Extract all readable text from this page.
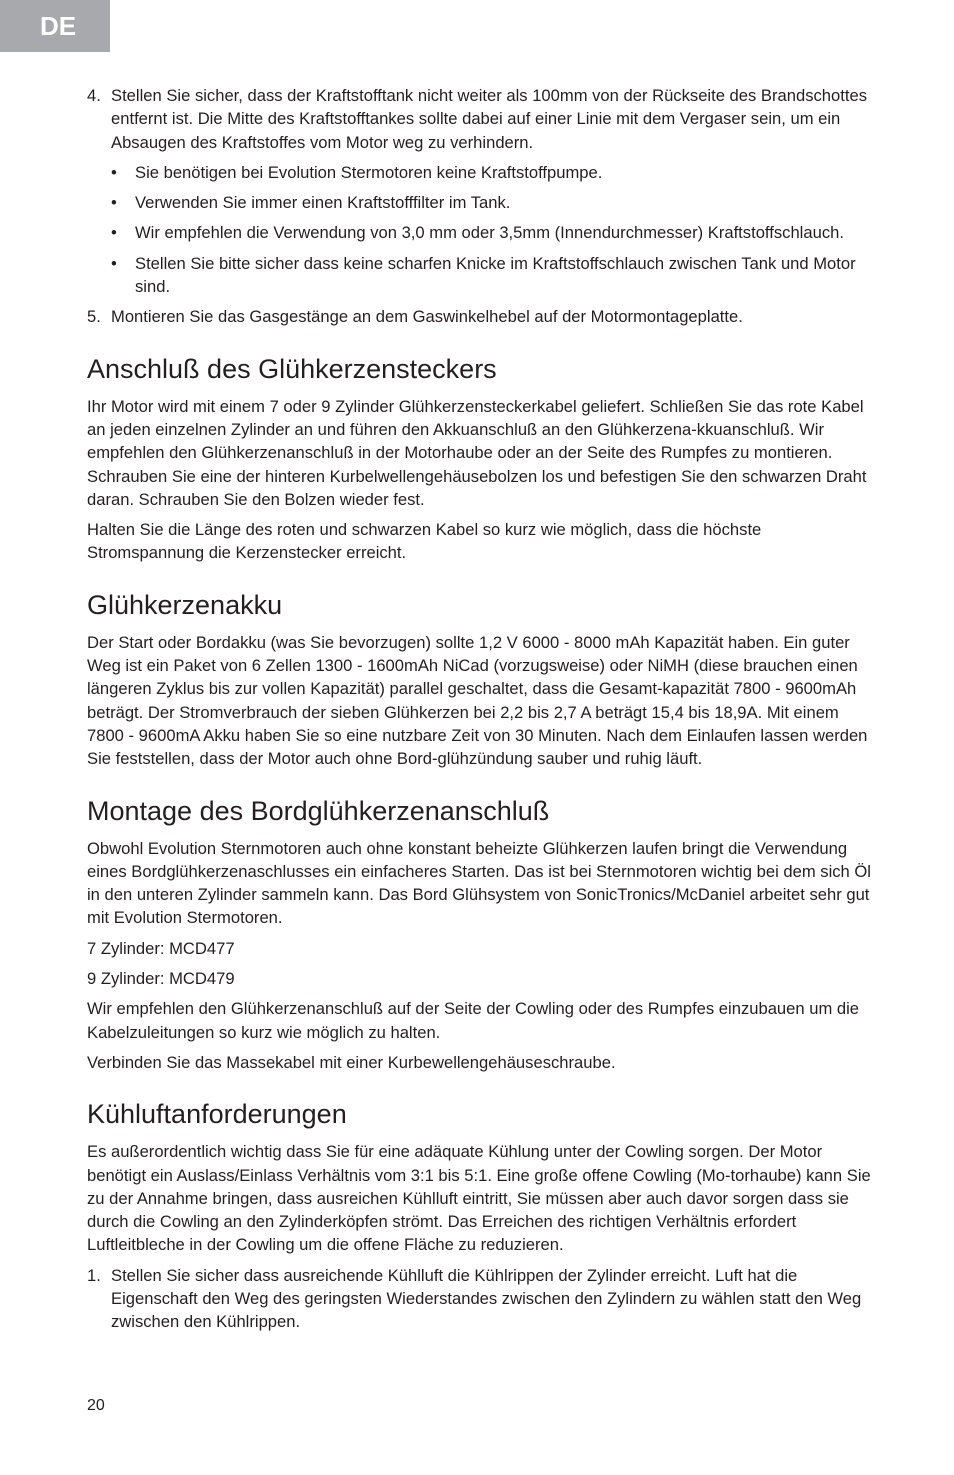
DE
4. Stellen Sie sicher, dass der Kraftstofftank nicht weiter als 100mm von der Rückseite des Brandschottes entfernt ist. Die Mitte des Kraftstofftankes sollte dabei auf einer Linie mit dem Vergaser sein, um ein Absaugen des Kraftstoffes vom Motor weg zu verhindern.
•	Sie benötigen bei Evolution Stermotoren keine Kraftstoffpumpe.
•	Verwenden Sie immer einen Kraftstofffilter im Tank.
•	Wir empfehlen die Verwendung von 3,0 mm oder 3,5mm (Innendurchmesser) Kraftstoffschlauch.
•	Stellen Sie bitte sicher dass keine scharfen Knicke im Kraftstoffschlauch zwischen Tank und Motor sind.
5. Montieren Sie das Gasgestänge an dem Gaswinkelhebel auf der Motormontageplatte.
Anschluß des Glühkerzensteckers

Ihr Motor wird mit einem 7 oder 9 Zylinder Glühkerzensteckerkabel geliefert. Schließen Sie das rote Kabel an jeden einzelnen Zylinder an und führen den Akkuanschluß an den Glühkerzena-kkuanschluß. Wir empfehlen den Glühkerzenanschluß in der Motorhaube oder an der Seite des Rumpfes zu montieren. Schrauben Sie eine der hinteren Kurbelwellengehäusebolzen los und befestigen Sie den schwarzen Draht daran. Schrauben Sie den Bolzen wieder fest.

Halten Sie die Länge des roten und schwarzen Kabel so kurz wie möglich, dass die höchste Stromspannung die Kerzenstecker erreicht.

Glühkerzenakku

Der Start oder Bordakku (was Sie bevorzugen) sollte 1,2 V 6000 - 8000 mAh Kapazität haben. Ein guter Weg ist ein Paket von 6 Zellen 1300 - 1600mAh NiCad (vorzugsweise) oder NiMH (diese brauchen einen längeren Zyklus bis zur vollen Kapazität) parallel geschaltet, dass die Gesamt-kapazität 7800 - 9600mAh beträgt. Der Stromverbrauch der sieben Glühkerzen bei 2,2 bis 2,7 A beträgt 15,4 bis 18,9A. Mit einem 7800 - 9600mA Akku haben Sie so eine nutzbare Zeit von 30 Minuten. Nach dem Einlaufen lassen werden Sie feststellen, dass der Motor auch ohne Bord-glühzündung sauber und ruhig läuft.

Montage des Bordglühkerzenanschluß

Obwohl Evolution Sternmotoren auch ohne konstant beheizte Glühkerzen laufen bringt die Verwendung eines Bordglühkerzenaschlusses ein einfacheres Starten. Das ist bei Sternmotoren wichtig bei dem sich Öl in den unteren Zylinder sammeln kann. Das Bord Glühsystem von SonicTronics/McDaniel arbeitet sehr gut mit Evolution Stermotoren.

7 Zylinder: MCD477

9 Zylinder: MCD479

Wir empfehlen den Glühkerzenanschluß auf der Seite der Cowling oder des Rumpfes einzubauen um die Kabelzuleitungen so kurz wie möglich zu halten.

Verbinden Sie das Massekabel mit einer Kurbewellengehäuseschraube.

Kühluftanforderungen

Es außerordentlich wichtig dass Sie für eine adäquate Kühlung unter der Cowling sorgen. Der Motor benötigt ein Auslass/Einlass Verhältnis vom 3:1 bis 5:1. Eine große offene Cowling (Mo-torhaube) kann Sie zu der Annahme bringen, dass ausreichen Kühlluft eintritt, Sie müssen aber auch davor sorgen dass sie durch die Cowling an den Zylinderköpfen strömt. Das Erreichen des richtigen Verhältnis erfordert Luftleitbleche in der Cowling um die offene Fläche zu reduzieren.

1. Stellen Sie sicher dass ausreichende Kühlluft die Kühlrippen der Zylinder erreicht. Luft hat die Eigenschaft den Weg des geringsten Wiederstandes zwischen den Zylindern zu wählen statt den Weg zwischen den Kühlrippen.
20
